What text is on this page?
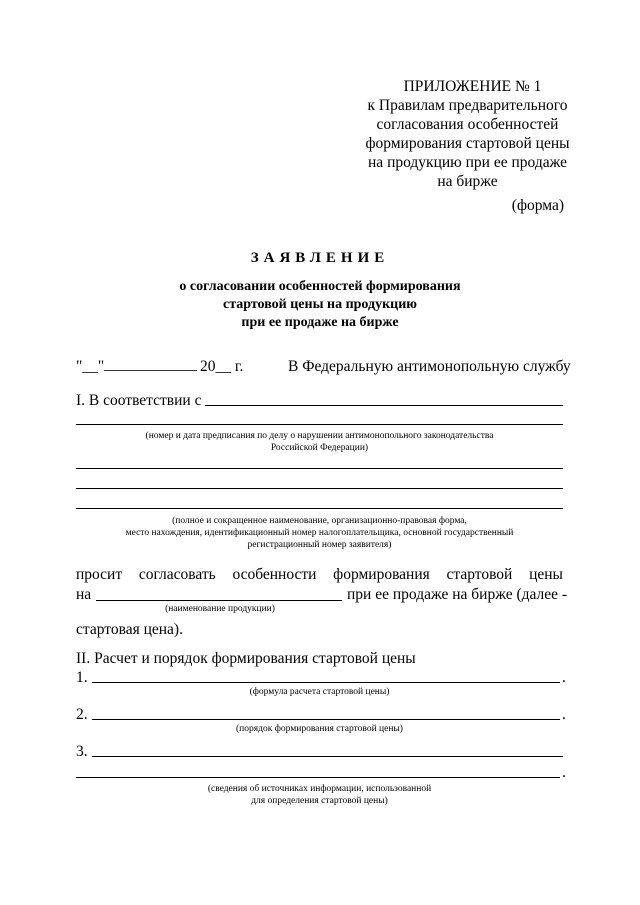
ПРИЛОЖЕНИЕ № 1
к Правилам предварительного
согласования особенностей
формирования стартовой цены
на продукцию при ее продаже
на бирже
(форма)
ЗАЯВЛЕНИЕ
о согласовании особенностей формирования
стартовой цены на продукцию
при ее продаже на бирже
"__" ____________ 20__ г.	В Федеральную антимонопольную службу
I. В соответствии с
(номер и дата предписания по делу о нарушении антимонопольного законодательства
Российской Федерации)
(полное и сокращенное наименование, организационно-правовая форма,
место нахождения, идентификационный номер налогоплательщика, основной государственный
регистрационный номер заявителя)
просит согласовать особенности формирования стартовой цены
на	при ее продаже на бирже (далее -
(наименование продукции)
стартовая цена).
II. Расчет и порядок формирования стартовой цены
1.	.
(формула расчета стартовой цены)
2.	.
(порядок формирования стартовой цены)
3.
.
(сведения об источниках информации, использованной
для определения стартовой цены)
